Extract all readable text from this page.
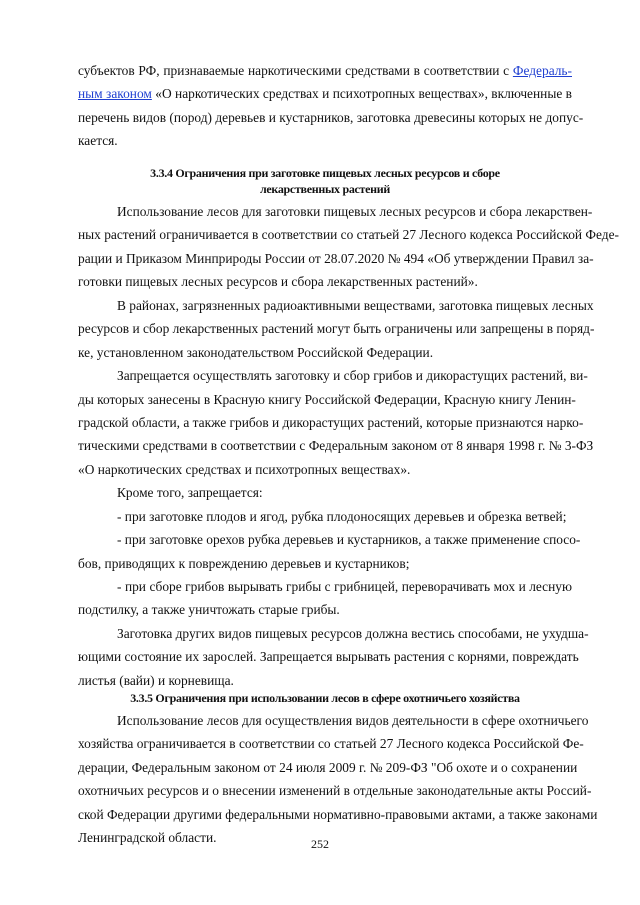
субъектов РФ, признаваемые наркотическими средствами в соответствии с Федераль-
ным законом «О наркотических средствах и психотропных веществах», включенные в
перечень видов (пород) деревьев и кустарников, заготовка древесины которых не допус-
кается.
3.3.4 Ограничения при заготовке пищевых лесных ресурсов и сборе
лекарственных растений
Использование лесов для заготовки пищевых лесных ресурсов и сбора лекарствен-
ных растений ограничивается в соответствии со статьей 27 Лесного кодекса Российской Феде-
рации и Приказом Минприроды России от 28.07.2020 № 494 «Об утверждении Правил за-
готовки пищевых лесных ресурсов и сбора лекарственных растений».
В районах, загрязненных радиоактивными веществами, заготовка пищевых лесных
ресурсов и сбор лекарственных растений могут быть ограничены или запрещены в поряд-
ке, установленном законодательством Российской Федерации.
Запрещается осуществлять заготовку и сбор грибов и дикорастущих растений, ви-
ды которых занесены в Красную книгу Российской Федерации, Красную книгу Ленин-
градской области, а также грибов и дикорастущих растений, которые признаются нарко-
тическими средствами в соответствии с Федеральным законом от 8 января 1998 г. № 3-ФЗ
«О наркотических средствах и психотропных веществах».
Кроме того, запрещается:
- при заготовке плодов и ягод, рубка плодоносящих деревьев и обрезка ветвей;
- при заготовке орехов рубка деревьев и кустарников, а также применение спосо-
бов, приводящих к повреждению деревьев и кустарников;
- при сборе грибов вырывать грибы с грибницей, переворачивать мох и лесную
подстилку, а также уничтожать старые грибы.
Заготовка других видов пищевых ресурсов должна вестись способами, не ухудша-
ющими состояние их зарослей. Запрещается вырывать растения с корнями, повреждать
листья (вайи) и корневища.
3.3.5 Ограничения при использовании лесов в сфере охотничьего хозяйства
Использование лесов для осуществления видов деятельности в сфере охотничьего
хозяйства ограничивается в соответствии со статьей 27 Лесного кодекса Российской Фе-
дерации, Федеральным законом от 24 июля 2009 г. № 209-ФЗ "Об охоте и о сохранении
охотничьих ресурсов и о внесении изменений в отдельные законодательные акты Россий-
ской Федерации другими федеральными нормативно-правовыми актами, а также законами
Ленинградской области.	252
